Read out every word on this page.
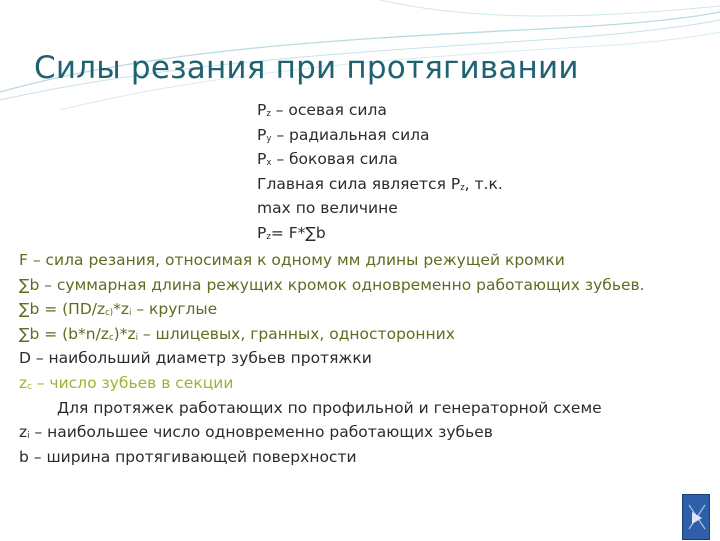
Силы резания при протягивании
$P_z$ – осевая сила
$P_y$ – радиальная сила
$P_x$ – боковая сила
Главная сила является $P_z$, т.к.
max по величине
$P_z= F*\sum b$

F – сила резания, относимая к одному мм длины режущей кромки

∑b – суммарная длина режущих кромок одновременно работающих зубьев.

$\sum b = (\Pi D/z_{c)}*z_i$ – круглые

$\sum b = (b*n/z_c)*z_i$ – шлицевых, гранных, односторонних

D – наибольший диаметр зубьев протяжки

$z_c$ – число зубьев в секции

Для протяжек работающих по профильной и генераторной схеме

$z_i$ – наибольшее число одновременно работающих зубьев

b – ширина протягивающей поверхности
